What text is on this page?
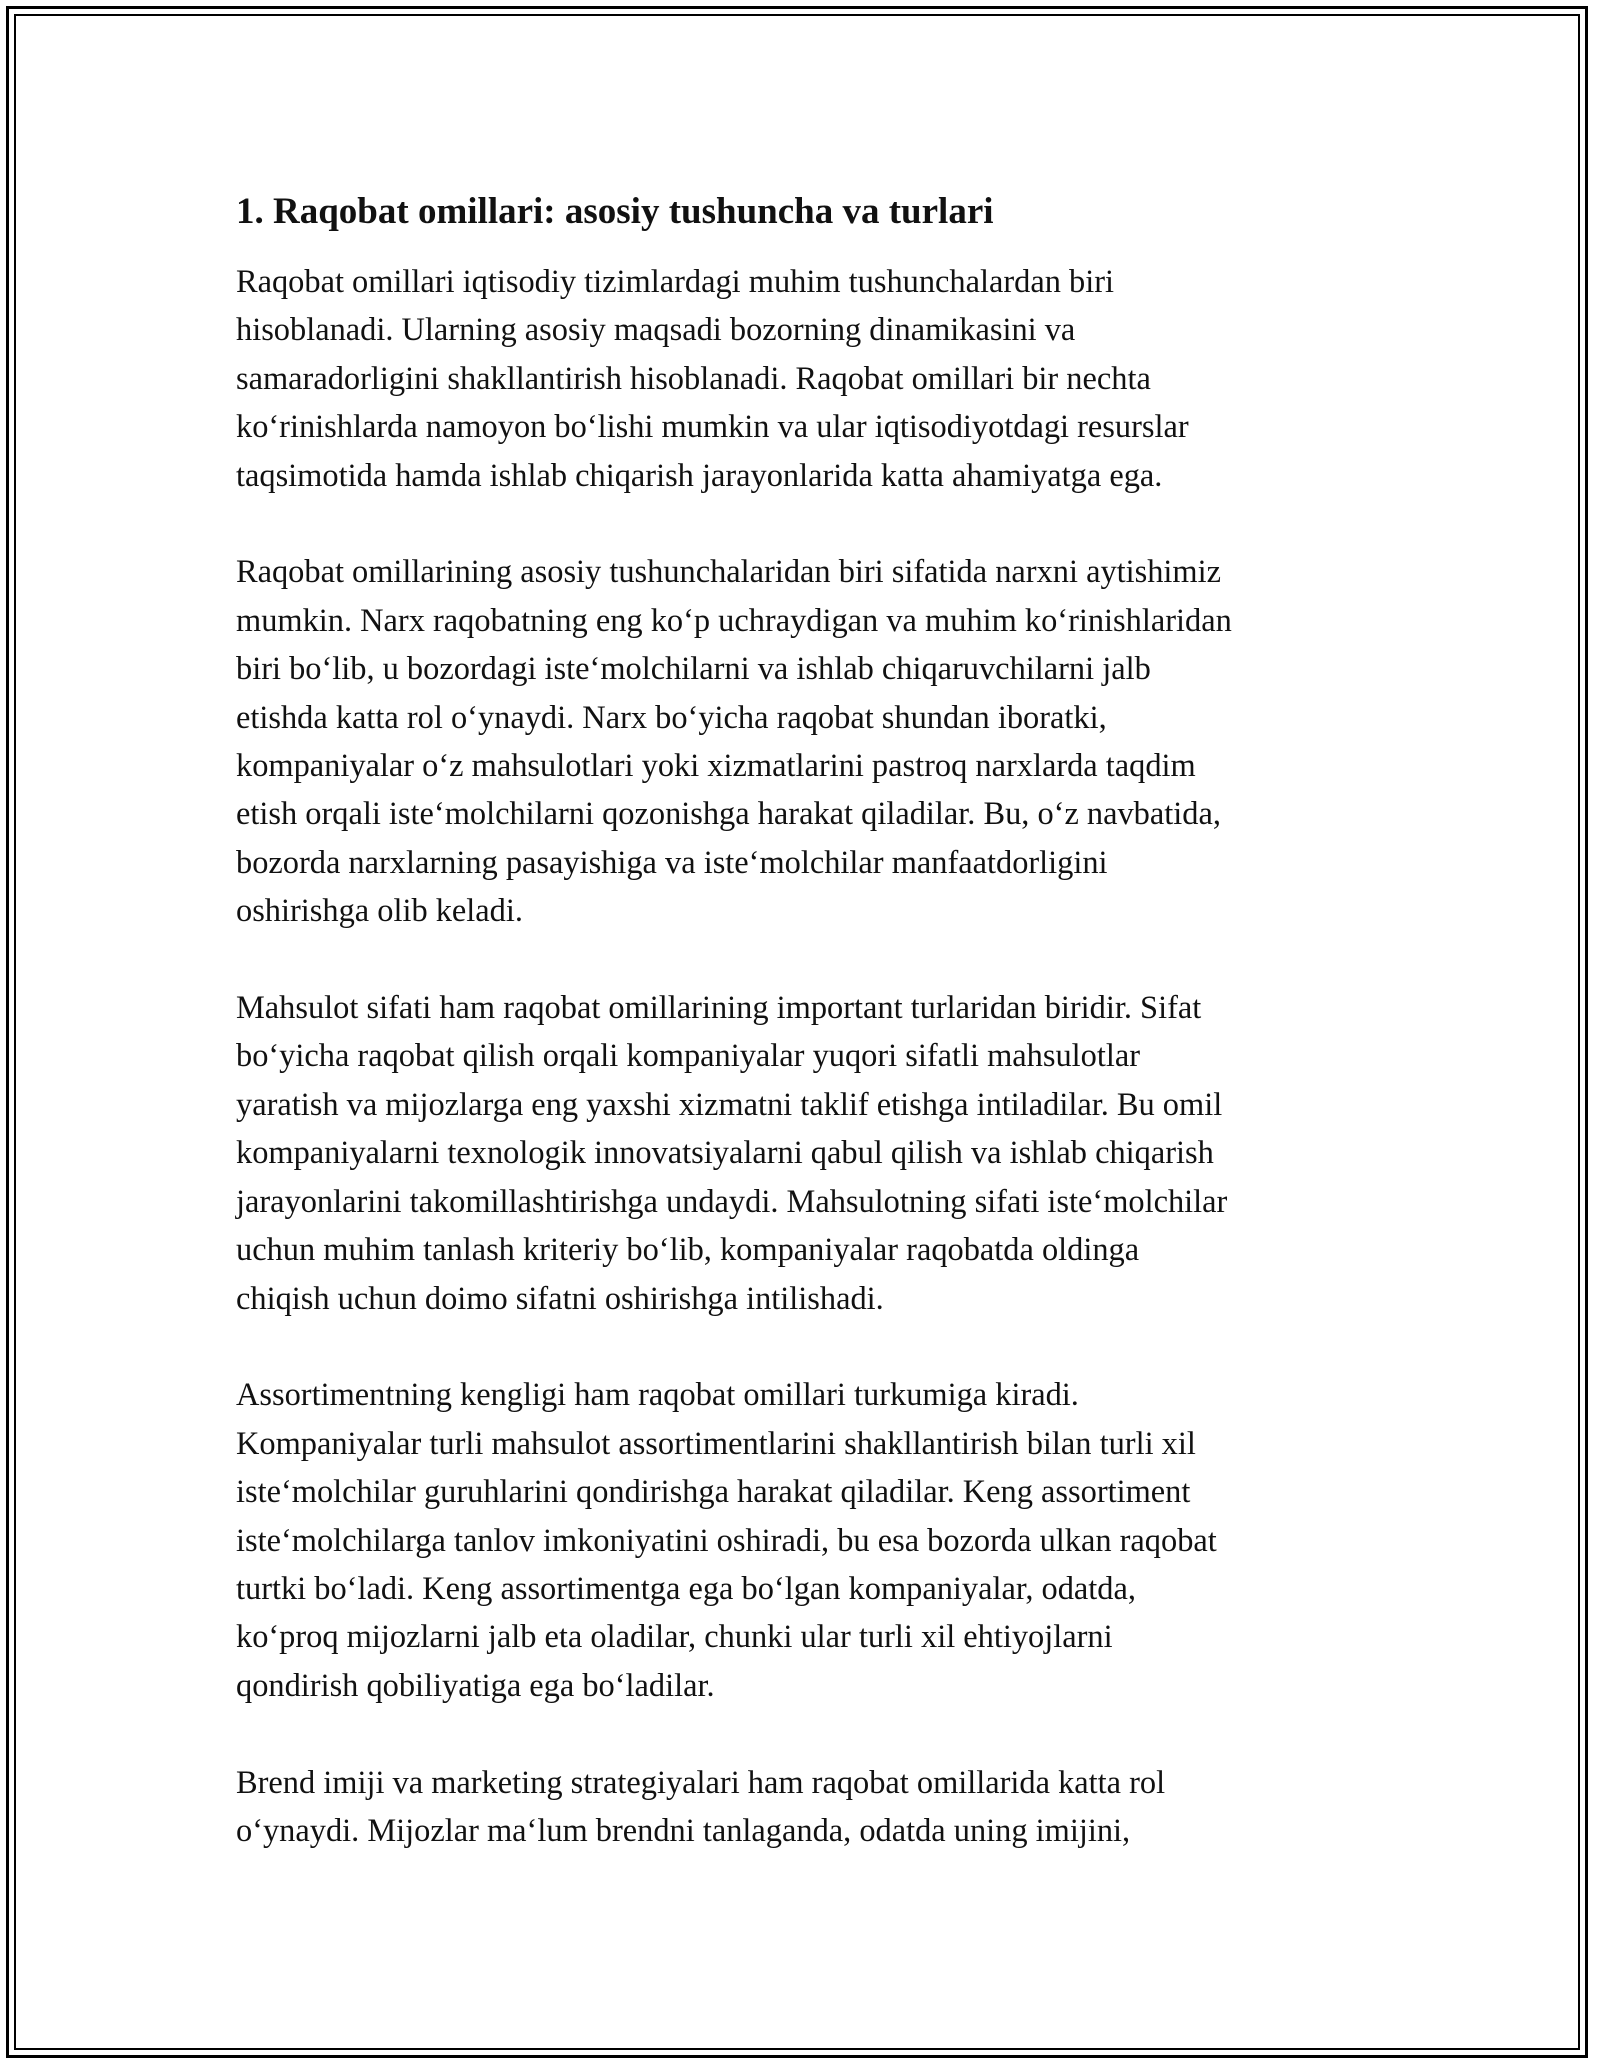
1. Raqobat omillari: asosiy tushuncha va turlari

Raqobat omillari iqtisodiy tizimlardagi muhim tushunchalardan biri
hisoblanadi. Ularning asosiy maqsadi bozorning dinamikasini va
samaradorligini shakllantirish hisoblanadi. Raqobat omillari bir nechta
ko‘rinishlarda namoyon bo‘lishi mumkin va ular iqtisodiyotdagi resurslar
taqsimotida hamda ishlab chiqarish jarayonlarida katta ahamiyatga ega.

Raqobat omillarining asosiy tushunchalaridan biri sifatida narxni aytishimiz
mumkin. Narx raqobatning eng ko‘p uchraydigan va muhim ko‘rinishlaridan
biri bo‘lib, u bozordagi iste‘molchilarni va ishlab chiqaruvchilarni jalb
etishda katta rol o‘ynaydi. Narx bo‘yicha raqobat shundan iboratki,
kompaniyalar o‘z mahsulotlari yoki xizmatlarini pastroq narxlarda taqdim
etish orqali iste‘molchilarni qozonishga harakat qiladilar. Bu, o‘z navbatida,
bozorda narxlarning pasayishiga va iste‘molchilar manfaatdorligini
oshirishga olib keladi.

Mahsulot sifati ham raqobat omillarining important turlaridan biridir. Sifat
bo‘yicha raqobat qilish orqali kompaniyalar yuqori sifatli mahsulotlar
yaratish va mijozlarga eng yaxshi xizmatni taklif etishga intiladilar. Bu omil
kompaniyalarni texnologik innovatsiyalarni qabul qilish va ishlab chiqarish
jarayonlarini takomillashtirishga undaydi. Mahsulotning sifati iste‘molchilar
uchun muhim tanlash kriteriy bo‘lib, kompaniyalar raqobatda oldinga
chiqish uchun doimo sifatni oshirishga intilishadi.

Assortimentning kengligi ham raqobat omillari turkumiga kiradi.
Kompaniyalar turli mahsulot assortimentlarini shakllantirish bilan turli xil
iste‘molchilar guruhlarini qondirishga harakat qiladilar. Keng assortiment
iste‘molchilarga tanlov imkoniyatini oshiradi, bu esa bozorda ulkan raqobat
turtki bo‘ladi. Keng assortimentga ega bo‘lgan kompaniyalar, odatda,
ko‘proq mijozlarni jalb eta oladilar, chunki ular turli xil ehtiyojlarni
qondirish qobiliyatiga ega bo‘ladilar.

Brend imiji va marketing strategiyalari ham raqobat omillarida katta rol
o‘ynaydi. Mijozlar ma‘lum brendni tanlaganda, odatda uning imijini,
